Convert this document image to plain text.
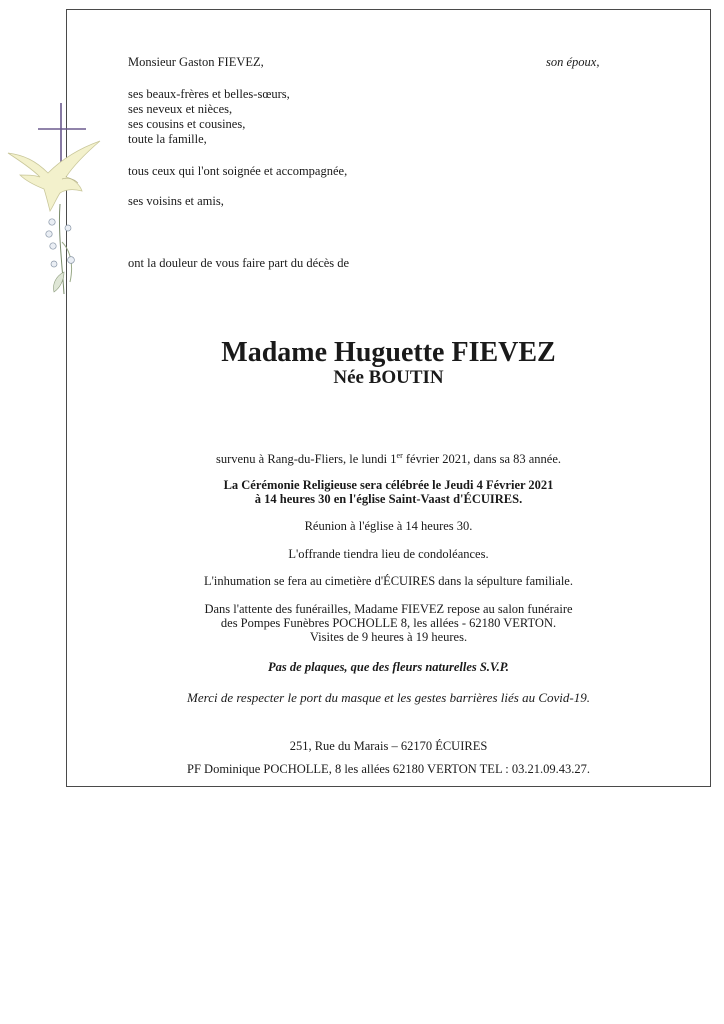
Monsieur Gaston FIEVEZ,	son époux,
ses beaux-frères et belles-sœurs,
ses neveux et nièces,
ses cousins et cousines,
toute la famille,
tous ceux qui l'ont soignée et accompagnée,
ses voisins et amis,
ont la douleur de vous faire part du décès de
Madame Huguette FIEVEZ
Née BOUTIN
survenu à Rang-du-Fliers, le lundi 1er février 2021, dans sa 83 année.
La Cérémonie Religieuse sera célébrée le Jeudi 4 Février 2021
à 14 heures 30 en l'église Saint-Vaast d'ÉCUIRES.
Réunion à l'église à 14 heures 30.
L'offrande tiendra lieu de condoléances.
L'inhumation se fera au cimetière d'ÉCUIRES dans la sépulture familiale.
Dans l'attente des funérailles, Madame FIEVEZ repose au salon funéraire
des Pompes Funèbres POCHOLLE 8, les allées - 62180 VERTON.
Visites de 9 heures à 19 heures.
Pas de plaques, que des fleurs naturelles S.V.P.
Merci de respecter le port du masque et les gestes barrières liés au Covid-19.
251, Rue du Marais – 62170 ÉCUIRES
PF Dominique POCHOLLE, 8 les allées 62180 VERTON TEL : 03.21.09.43.27.
